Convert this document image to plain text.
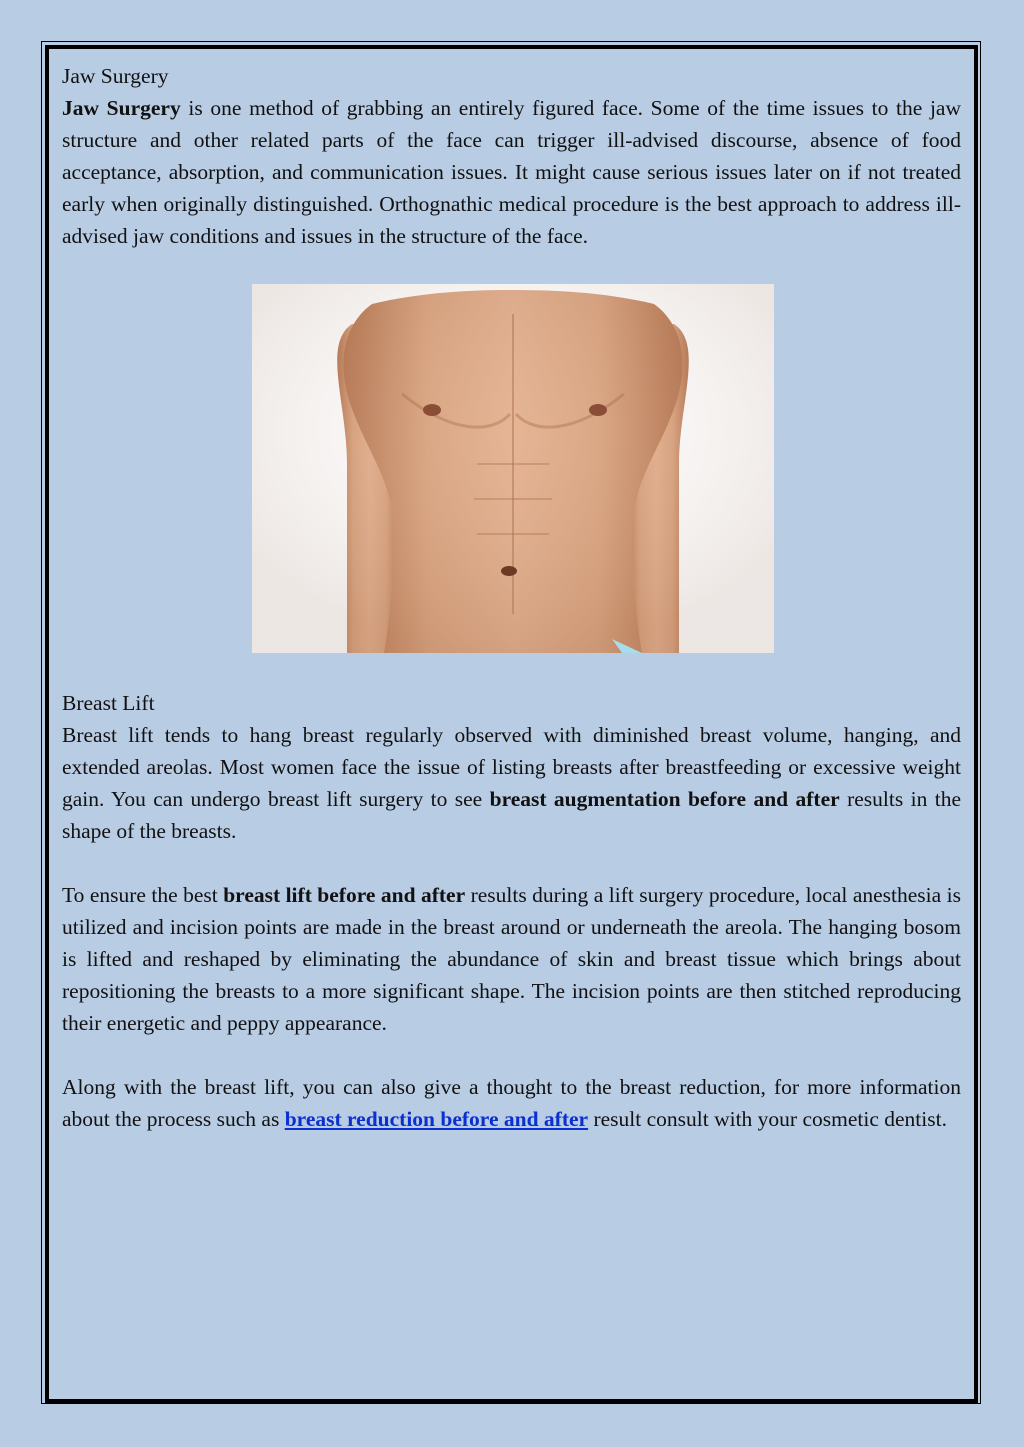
Jaw Surgery

Jaw Surgery is one method of grabbing an entirely figured face. Some of the time issues to the jaw structure and other related parts of the face can trigger ill-advised discourse, absence of food acceptance, absorption, and communication issues. It might cause serious issues later on if not treated early when originally distinguished. Orthognathic medical procedure is the best approach to address ill-advised jaw conditions and issues in the structure of the face.

Breast Lift

Breast lift tends to hang breast regularly observed with diminished breast volume, hanging, and extended areolas. Most women face the issue of listing breasts after breastfeeding or excessive weight gain. You can undergo breast lift surgery to see breast augmentation before and after results in the shape of the breasts.

To ensure the best breast lift before and after results during a lift surgery procedure, local anesthesia is utilized and incision points are made in the breast around or underneath the areola. The hanging bosom is lifted and reshaped by eliminating the abundance of skin and breast tissue which brings about repositioning the breasts to a more significant shape. The incision points are then stitched reproducing their energetic and peppy appearance.

Along with the breast lift, you can also give a thought to the breast reduction, for more information about the process such as breast reduction before and after result consult with your cosmetic dentist.
